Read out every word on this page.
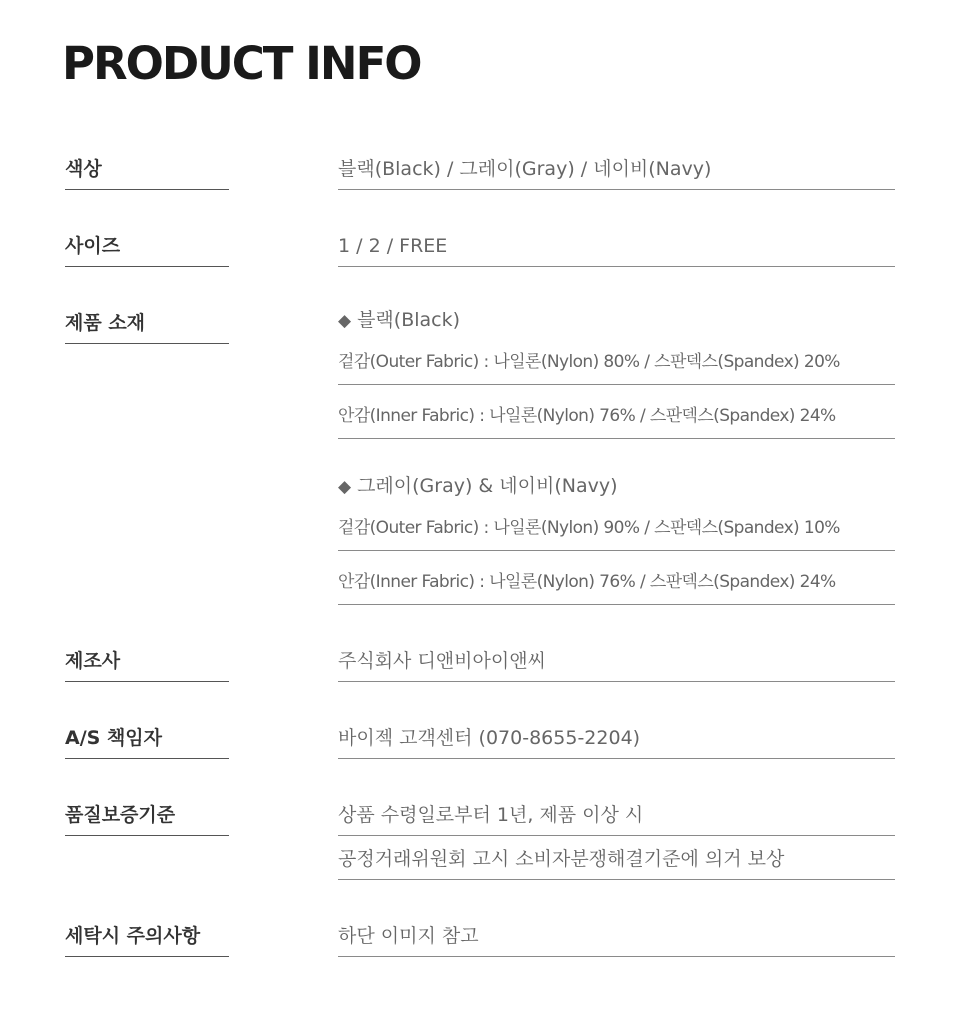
PRODUCT INFO
색상	블랙(Black) / 그레이(Gray) / 네이비(Navy)
사이즈	1 / 2 / FREE
제품 소재	◆ 블랙(Black)
겉감(Outer Fabric) : 나일론(Nylon) 80% / 스판덱스(Spandex) 20%
안감(Inner Fabric) : 나일론(Nylon) 76% / 스판덱스(Spandex) 24%
◆ 그레이(Gray) & 네이비(Navy)
겉감(Outer Fabric) : 나일론(Nylon) 90% / 스판덱스(Spandex) 10%
안감(Inner Fabric) : 나일론(Nylon) 76% / 스판덱스(Spandex) 24%
제조사	주식회사 디앤비아이앤씨
A/S 책임자	바이젝 고객센터 (070-8655-2204)
품질보증기준	상품 수령일로부터 1년, 제품 이상 시
공정거래위원회 고시 소비자분쟁해결기준에 의거 보상
세탁시 주의사항	하단 이미지 참고
